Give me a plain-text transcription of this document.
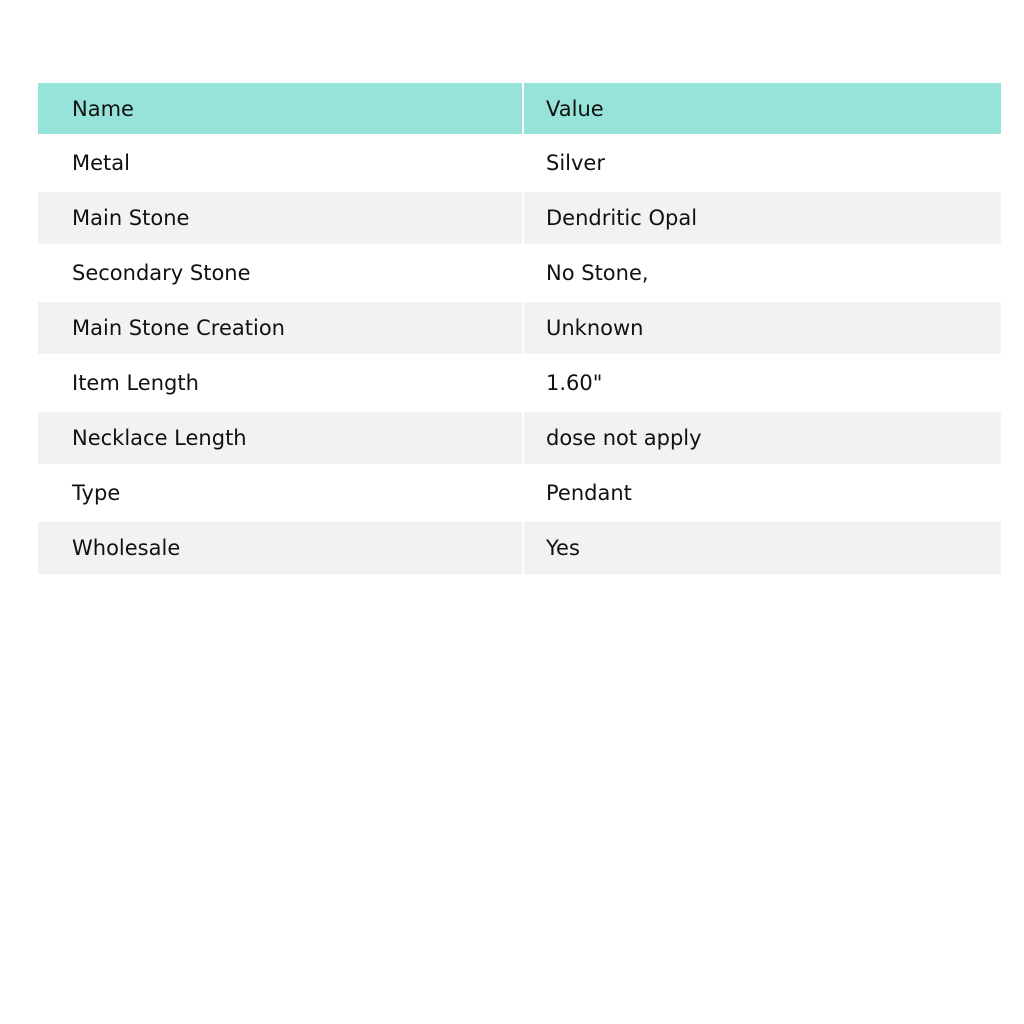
Name	Value
Metal	Silver
Main Stone	Dendritic Opal
Secondary Stone	No Stone,
Main Stone Creation	Unknown
Item Length	1.60"
Necklace Length	dose not apply
Type	Pendant
Wholesale	Yes
